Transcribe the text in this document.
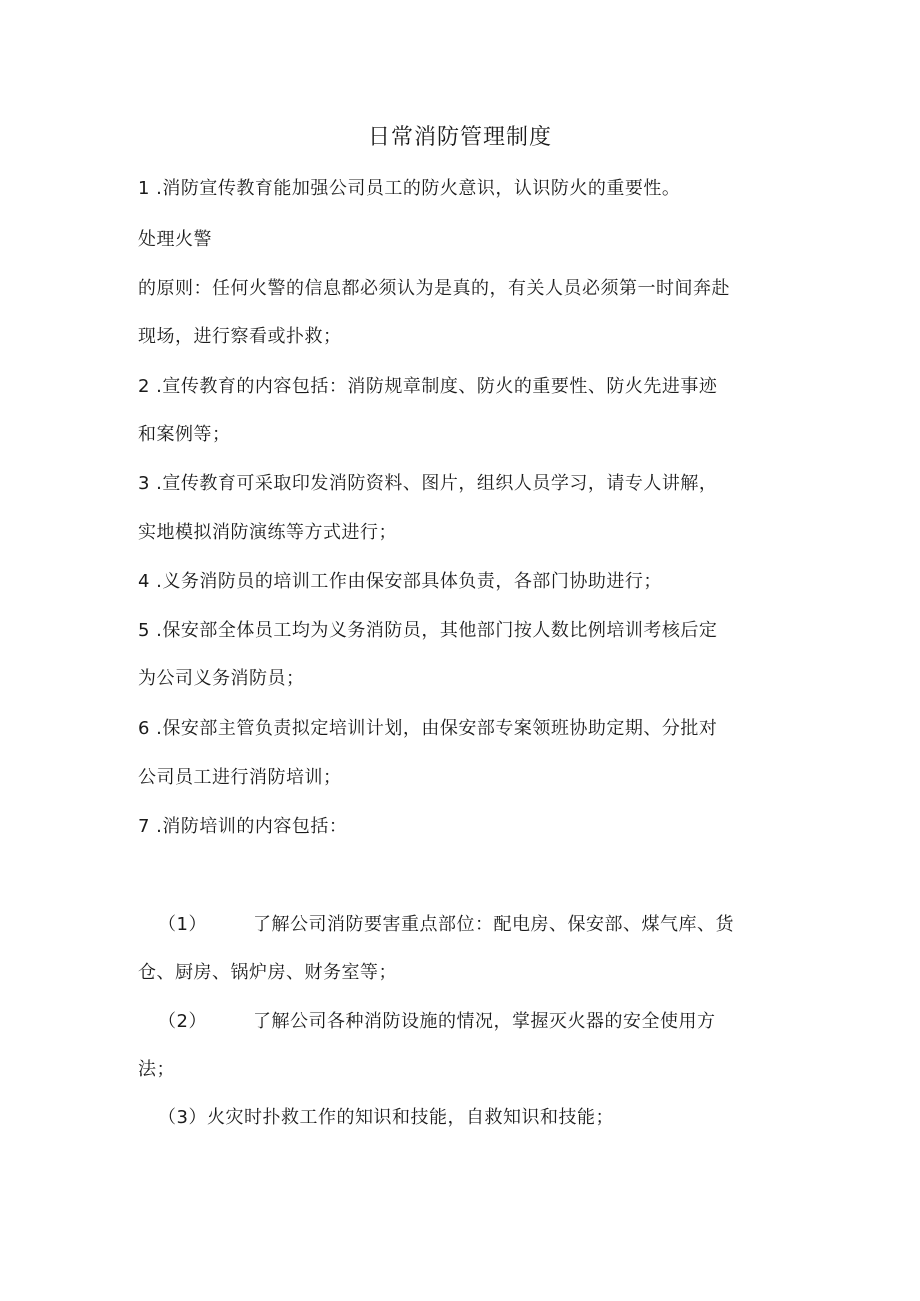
日常消防管理制度
1 .消防宣传教育能加强公司员工的防火意识，认识防火的重要性。
处理火警
的原则：任何火警的信息都必须认为是真的，有关人员必须第一时间奔赴
现场，进行察看或扑救；
2 .宣传教育的内容包括：消防规章制度、防火的重要性、防火先进事迹
和案例等；
3 .宣传教育可采取印发消防资料、图片，组织人员学习，请专人讲解，
实地模拟消防演练等方式进行；
4 .义务消防员的培训工作由保安部具体负责，各部门协助进行；
5 .保安部全体员工均为义务消防员，其他部门按人数比例培训考核后定
为公司义务消防员；
6 .保安部主管负责拟定培训计划，由保安部专案领班协助定期、分批对
公司员工进行消防培训；
7 .消防培训的内容包括：
（1）	了解公司消防要害重点部位：配电房、保安部、煤气库、货
仓、厨房、锅炉房、财务室等；
（2）	了解公司各种消防设施的情况，掌握灭火器的安全使用方
法；
（3）火灾时扑救工作的知识和技能，自救知识和技能；
